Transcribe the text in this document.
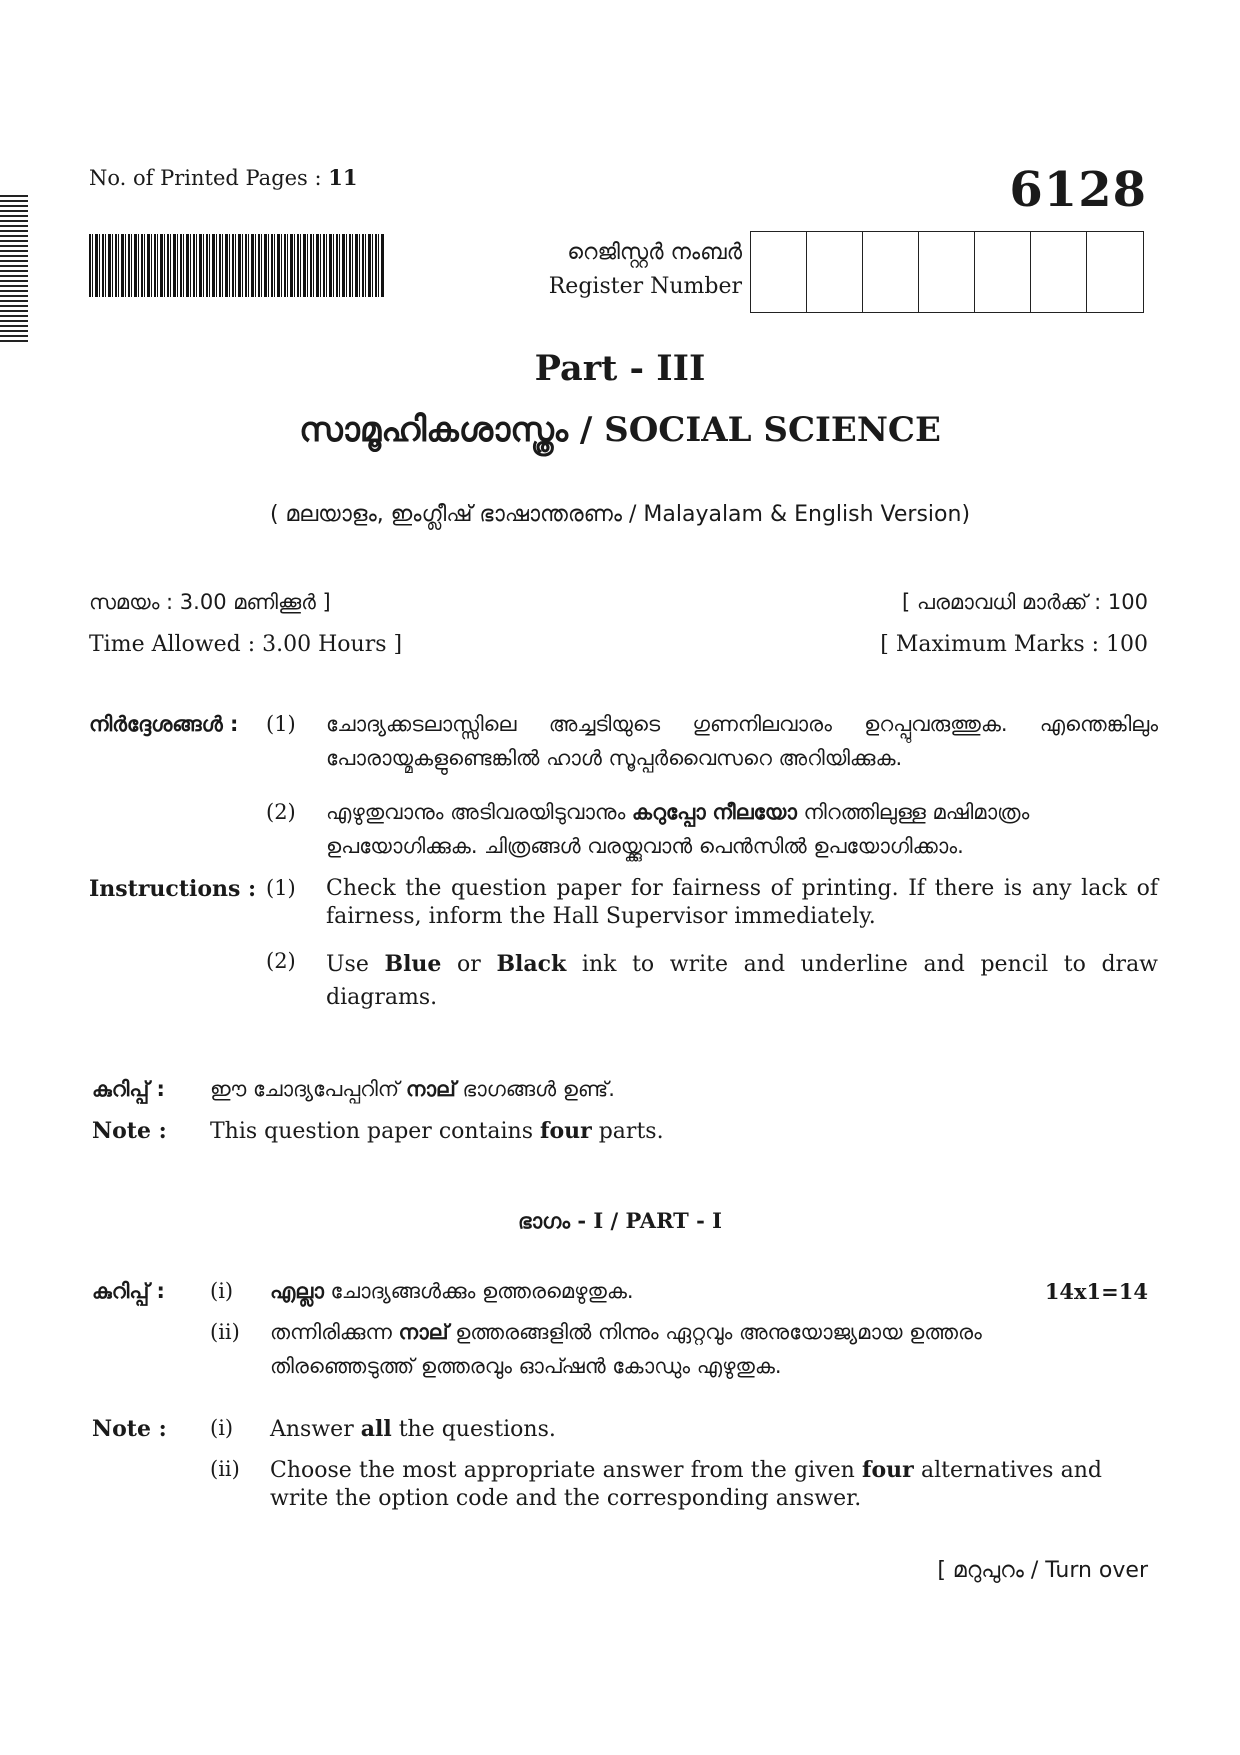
No. of Printed Pages : 11	6128
റെജിസ്റ്റർ നംബർ
Register Number
Part - III
സാമൂഹികശാസ്ത്രം / SOCIAL SCIENCE
( മലയാളം, ഇംഗ്ലീഷ് ഭാഷാന്തരണം / Malayalam & English Version)
സമയം : 3.00 മണിക്കൂർ ]
Time Allowed : 3.00 Hours ]
[ പരമാവധി മാർക്ക് : 100
[ Maximum Marks : 100
നിർദ്ദേശങ്ങൾ : (1) ചോദ്യക്കടലാസ്സിലെ അച്ചടിയുടെ ഗുണനിലവാരം ഉറപ്പുവരുത്തുക. എന്തെങ്കിലും പോരായ്മകളുണ്ടെങ്കിൽ ഹാൾ സൂപ്പർവൈസറെ അറിയിക്കുക.
(2) എഴുതുവാനും അടിവരയിടുവാനും കറുപ്പോ നീലയോ നിറത്തിലുള്ള മഷിമാത്രം ഉപയോഗിക്കുക. ചിത്രങ്ങൾ വരയ്ക്കുവാൻ പെൻസിൽ ഉപയോഗിക്കാം.
Instructions : (1) Check the question paper for fairness of printing. If there is any lack of fairness, inform the Hall Supervisor immediately.
(2) Use Blue or Black ink to write and underline and pencil to draw diagrams.
കുറിപ്പ് : ഈ ചോദ്യപേപ്പറിന് നാല് ഭാഗങ്ങൾ ഉണ്ട്.
Note : This question paper contains four parts.
ഭാഗം - I / PART - I
കുറിപ്പ് : (i) എല്ലാ ചോദ്യങ്ങൾക്കും ഉത്തരമെഴുതുക.	14x1=14
(ii) തന്നിരിക്കുന്ന നാല് ഉത്തരങ്ങളിൽ നിന്നും ഏറ്റവും അനുയോജ്യമായ ഉത്തരം തിരഞ്ഞെടുത്ത് ഉത്തരവും ഓപ്ഷൻ കോഡും എഴുതുക.
Note : (i) Answer all the questions.
(ii) Choose the most appropriate answer from the given four alternatives and write the option code and the corresponding answer.
[ മറുപുറം / Turn over
